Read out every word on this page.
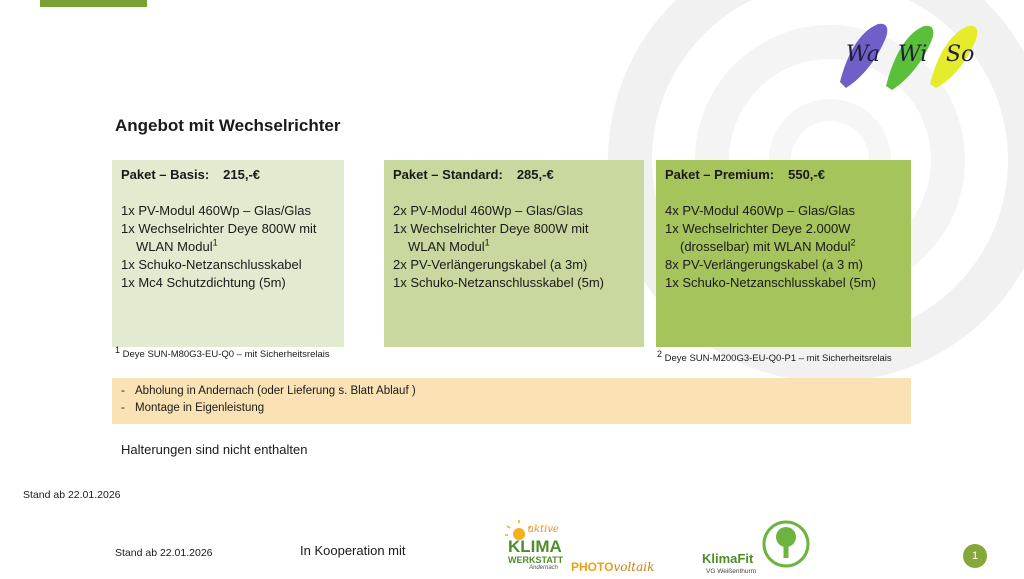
Wa Wi So
Angebot mit Wechselrichter
Paket – Basis: 215,-€
1x PV-Modul 460Wp – Glas/Glas
1x Wechselrichter Deye 800W mit
WLAN Modul$^1$
1x Schuko-Netzanschlusskabel
1x Mc4 Schutzdichtung (5m)
Paket – Standard: 285,-€
2x PV-Modul 460Wp – Glas/Glas
1x Wechselrichter Deye 800W mit
WLAN Modul$^1$
2x PV-Verlängerungskabel (a 3m)
1x Schuko-Netzanschlusskabel (5m)
Paket – Premium: 550,-€
4x PV-Modul 460Wp – Glas/Glas
1x Wechselrichter Deye 2.000W
(drosselbar) mit WLAN Modul$^2$
8x PV-Verlängerungskabel (a 3 m)
1x Schuko-Netzanschlusskabel (5m)
$^1$ Deye SUN-M80G3-EU-Q0 – mit Sicherheitsrelais	$^2$ Deye SUN-M200G3-EU-Q0-P1 – mit Sicherheitsrelais
- Abholung in Andernach (oder Lieferung s. Blatt Ablauf )
- Montage in Eigenleistung
Halterungen sind nicht enthalten
Stand ab 22.01.2026
Stand ab 22.01.2026	In Kooperation mit
aktive
KLIMA
WERKSTATT
Andernach PHOTOvoltaik
KlimaFit
VG Weißenthurm
1
